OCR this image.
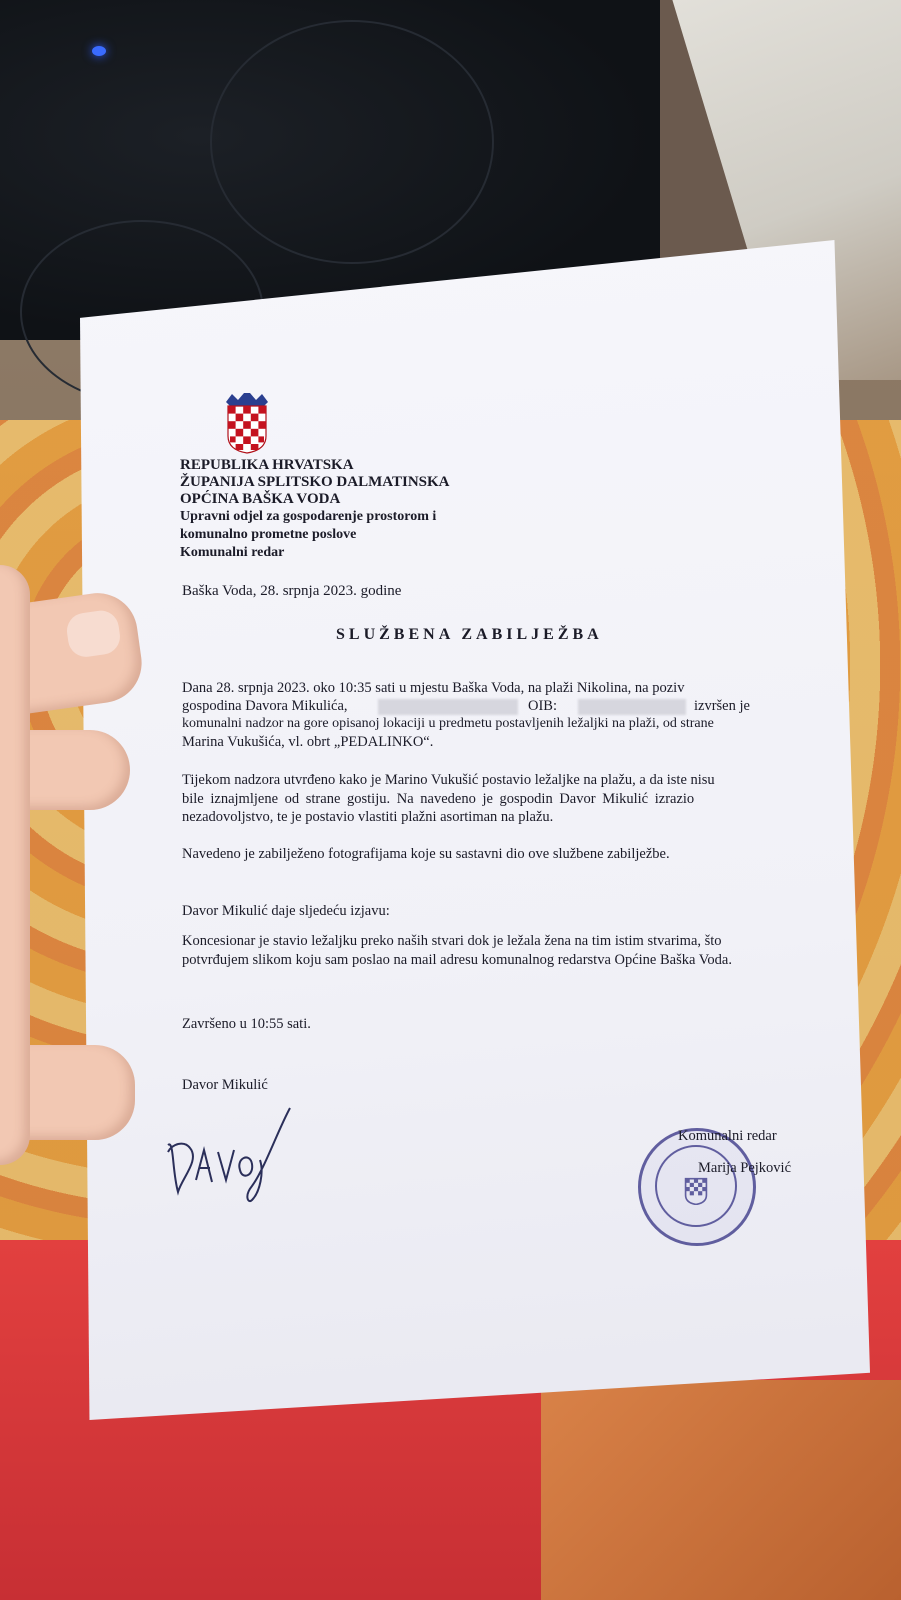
REPUBLIKA HRVATSKA
ŽUPANIJA SPLITSKO DALMATINSKA
OPĆINA BAŠKA VODA
Upravni odjel za gospodarenje prostorom i
komunalno prometne poslove
Komunalni redar
Baška Voda, 28. srpnja 2023. godine
SLUŽBENA ZABILJEŽBA
Dana 28. srpnja 2023. oko 10:35 sati u mjestu Baška Voda, na plaži Nikolina, na poziv
gospodina Davora Mikulića,	OIB:	izvršen je
komunalni nadzor na gore opisanoj lokaciji u predmetu postavljenih ležaljki na plaži, od strane
Marina Vukušića, vl. obrt „PEDALINKO“.
Tijekom nadzora utvrđeno kako je Marino Vukušić postavio ležaljke na plažu, a da iste nisu
bile iznajmljene od strane gostiju. Na navedeno je gospodin Davor Mikulić izrazio
nezadovoljstvo, te je postavio vlastiti plažni asortiman na plažu.
Navedeno je zabilježeno fotografijama koje su sastavni dio ove službene zabilježbe.
Davor Mikulić daje sljedeću izjavu:
Koncesionar je stavio ležaljku preko naših stvari dok je ležala žena na tim istim stvarima, što
potvrđujem slikom koju sam poslao na mail adresu komunalnog redarstva Općine Baška Voda.
Završeno u 10:55 sati.
Davor Mikulić
Komunalni redar
Marija Pejković
